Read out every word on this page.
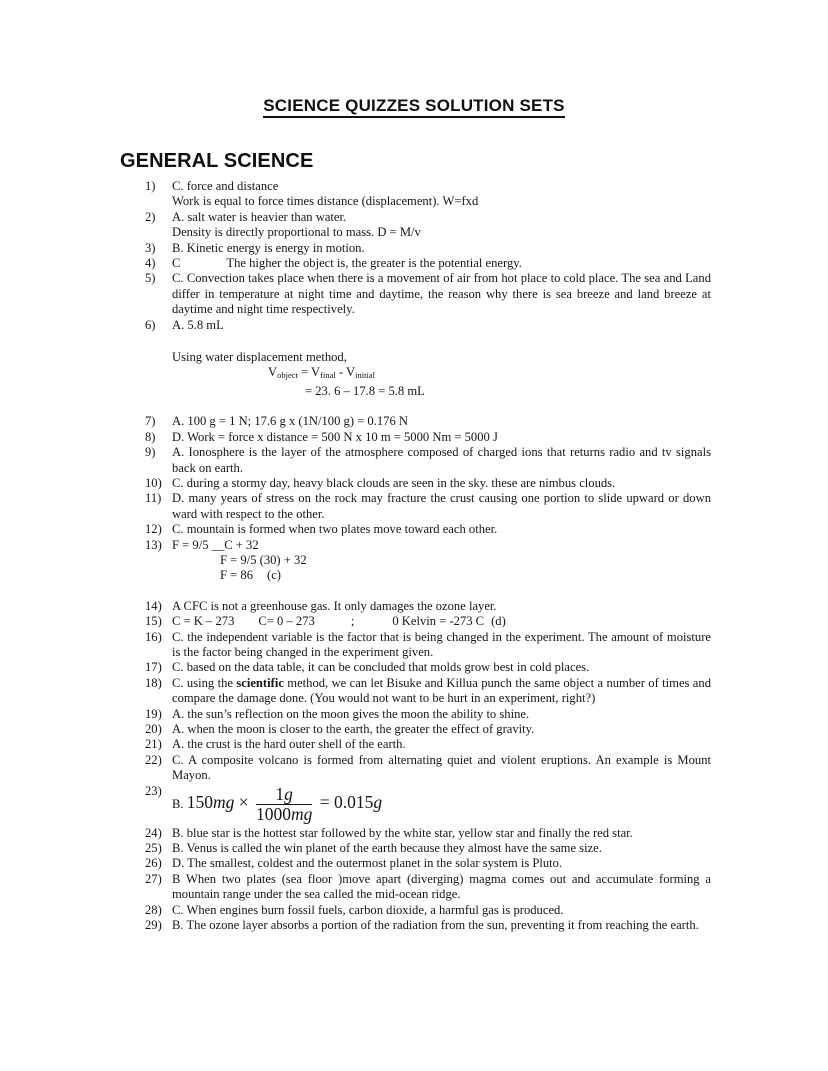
SCIENCE QUIZZES SOLUTION SETS
GENERAL SCIENCE
1)	C. force and distance
Work is equal to force times distance (displacement). W=fxd
2)	A. salt water is heavier than water.
Density is directly proportional to mass. D = M/v
3)	B. Kinetic energy is energy in motion.
4)	C	The higher the object is, the greater is the potential energy.
5)	C. Convection takes place when there is a movement of air from hot place to cold place. The sea and Land differ in temperature at night time and daytime, the reason why there is sea breeze and land breeze at daytime and night time respectively.
6)	A. 5.8 mL
Using water displacement method,
$V_{object} = V_{final} - V_{initial}$
= 23. 6 – 17.8 = 5.8 mL
7)	A. 100 g = 1 N; 17.6 g x (1N/100 g) = 0.176 N
8)	D. Work = force x distance = 500 N x 10 m = 5000 Nm = 5000 J
9)	A. Ionosphere is the layer of the atmosphere composed of charged ions that returns radio and tv signals back on earth.
10) C. during a stormy day, heavy black clouds are seen in the sky. these are nimbus clouds.
11) D. many years of stress on the rock may fracture the crust causing one portion to slide upward or down ward with respect to the other.
12) C. mountain is formed when two plates move toward each other.
13) F = 9/5 __C + 32
F = 9/5 (30) + 32
F = 86 (c)
14) A CFC is not a greenhouse gas. It only damages the ozone layer.
15) C = K – 273 C= 0 – 273	;	0 Kelvin = -273 C (d)
16) C. the independent variable is the factor that is being changed in the experiment. The amount of moisture is the factor being changed in the experiment given.
17) C. based on the data table, it can be concluded that molds grow best in cold places.
18) C. using the scientific method, we can let Bisuke and Killua punch the same object a number of times and compare the damage done. (You would not want to be hurt in an experiment, right?)
19) A. the sun’s reflection on the moon gives the moon the ability to shine.
20) A. when the moon is closer to the earth, the greater the effect of gravity.
21) A. the crust is the hard outer shell of the earth.
22) C. A composite volcano is formed from alternating quiet and violent eruptions. An example is Mount Mayon.
23)
B. $150mg \times \frac{1g}{1000mg} = 0.015g$
24) B. blue star is the hottest star followed by the white star, yellow star and finally the red star.
25) B. Venus is called the win planet of the earth because they almost have the same size.
26) D. The smallest, coldest and the outermost planet in the solar system is Pluto.
27) B When two plates (sea floor )move apart (diverging) magma comes out and accumulate forming a mountain range under the sea called the mid-ocean ridge.
28) C. When engines burn fossil fuels, carbon dioxide, a harmful gas is produced.
29) B. The ozone layer absorbs a portion of the radiation from the sun, preventing it from reaching the earth.
